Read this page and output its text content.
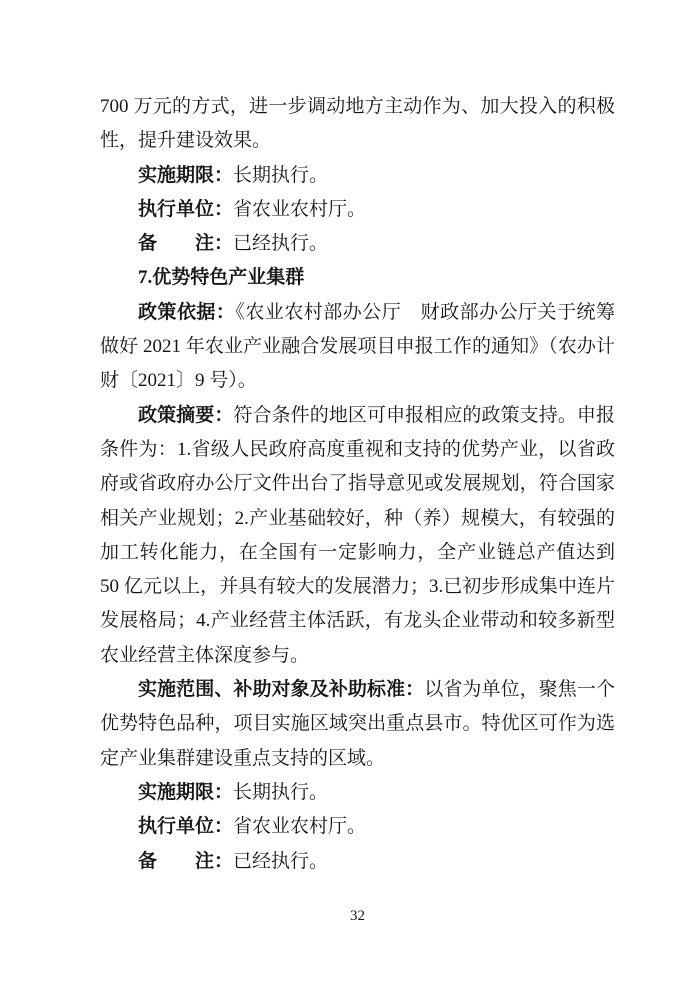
700 万元的方式，进一步调动地方主动作为、加大投入的积极性，提升建设效果。

实施期限：长期执行。

执行单位：省农业农村厅。

备　　注：已经执行。

7.优势特色产业集群

政策依据：《农业农村部办公厅　财政部办公厅关于统筹做好 2021 年农业产业融合发展项目申报工作的通知》（农办计财〔2021〕9 号）。

政策摘要：符合条件的地区可申报相应的政策支持。申报条件为：1.省级人民政府高度重视和支持的优势产业，以省政府或省政府办公厅文件出台了指导意见或发展规划，符合国家相关产业规划；2.产业基础较好，种（养）规模大，有较强的加工转化能力，在全国有一定影响力，全产业链总产值达到 50 亿元以上，并具有较大的发展潜力；3.已初步形成集中连片发展格局；4.产业经营主体活跃，有龙头企业带动和较多新型农业经营主体深度参与。

实施范围、补助对象及补助标准：以省为单位，聚焦一个优势特色品种，项目实施区域突出重点县市。特优区可作为选定产业集群建设重点支持的区域。

实施期限：长期执行。

执行单位：省农业农村厅。

备　　注：已经执行。

32
